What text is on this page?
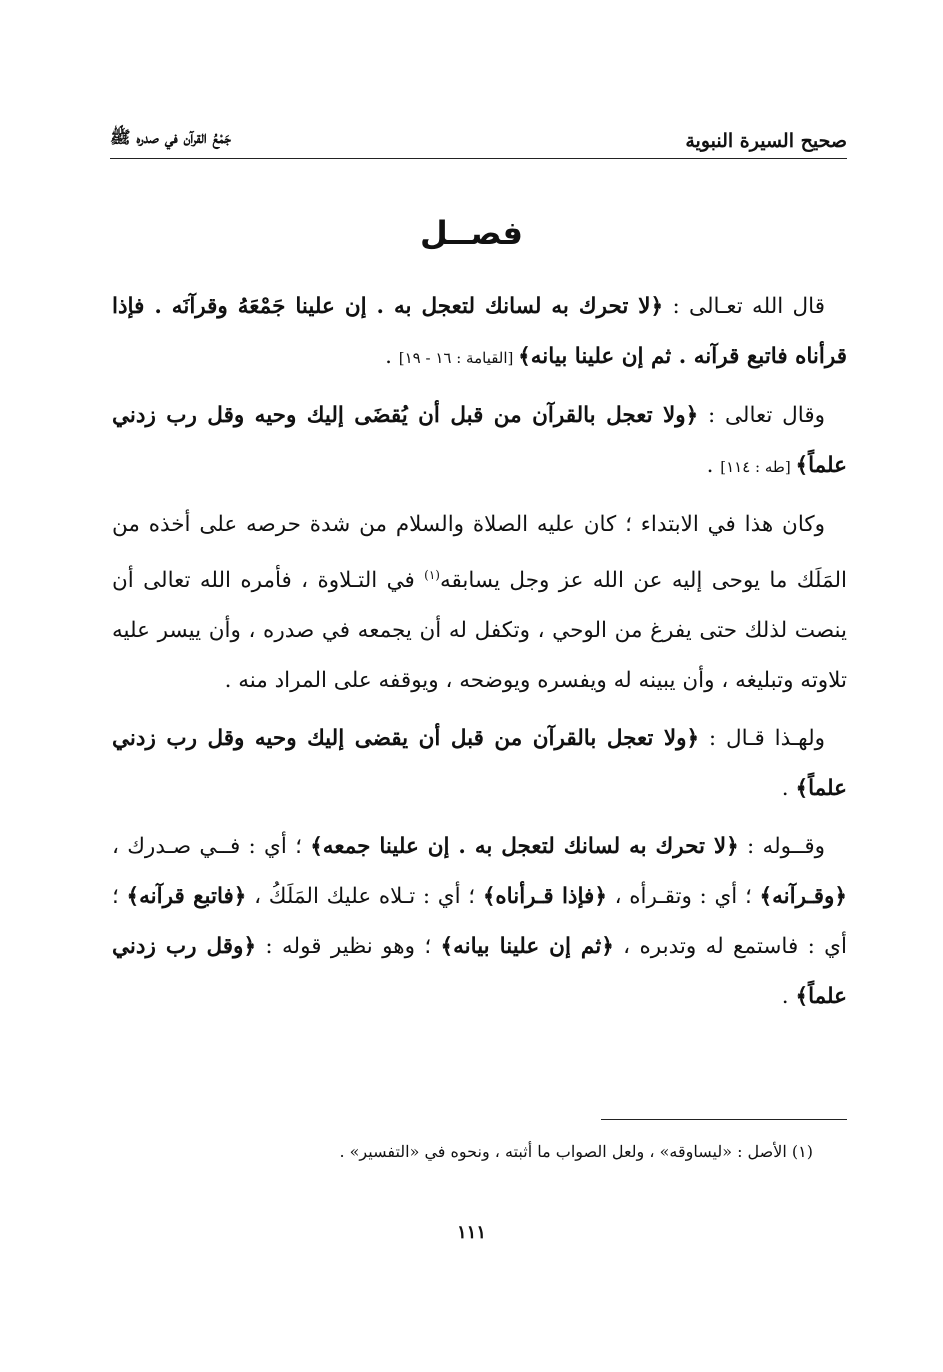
صحيح السيرة النبوية
جَمْعُ القرآن في صدره ﷺ
فصــل

قال الله تعـالى : ﴿لا تحرك به لسانك لتعجل به . إن علينا جَمْعَهُ وقرآنَه . فإذا قرأناه فاتبع قرآنه . ثم إن علينا بيانه﴾ [القيامة : ١٦ - ١٩] .

وقال تعالى : ﴿ولا تعجل بالقرآن من قبل أن يُقضَى إليك وحيه وقل رب زدني علماً﴾ [طه : ١١٤] .

وكان هذا في الابتداء ؛ كان عليه الصلاة والسلام من شدة حرصه على أخذه من المَلَك ما يوحى إليه عن الله عز وجل يسابقه$^{(١)}$ في التـلاوة ، فأمره الله تعالى أن ينصت لذلك حتى يفرغ من الوحي ، وتكفل له أن يجمعه في صدره ، وأن ييسر عليه تلاوته وتبليغه ، وأن يبينه له ويفسره ويوضحه ، ويوقفه على المراد منه .

ولهـذا قـال : ﴿ولا تعجل بالقرآن من قبل أن يقضى إليك وحيه وقل رب زدني علماً﴾ .

وقــوله : ﴿لا تحرك به لسانك لتعجل به . إن علينا جمعه﴾ ؛ أي : فــي صـدرك ، ﴿وقـرآنه﴾ ؛ أي : وتقـرأه ، ﴿فإذا قـرأناه﴾ ؛ أي : تـلاه عليك المَلَكُ ، ﴿فاتبع قرآنه﴾ ؛ أي : فاستمع له وتدبره ، ﴿ثم إن علينا بيانه﴾ ؛ وهو نظير قوله : ﴿وقل رب زدني علماً﴾ .

(١) الأصل : «ليساوقه» ، ولعل الصواب ما أثبته ، ونحوه في «التفسير» .
١١١
